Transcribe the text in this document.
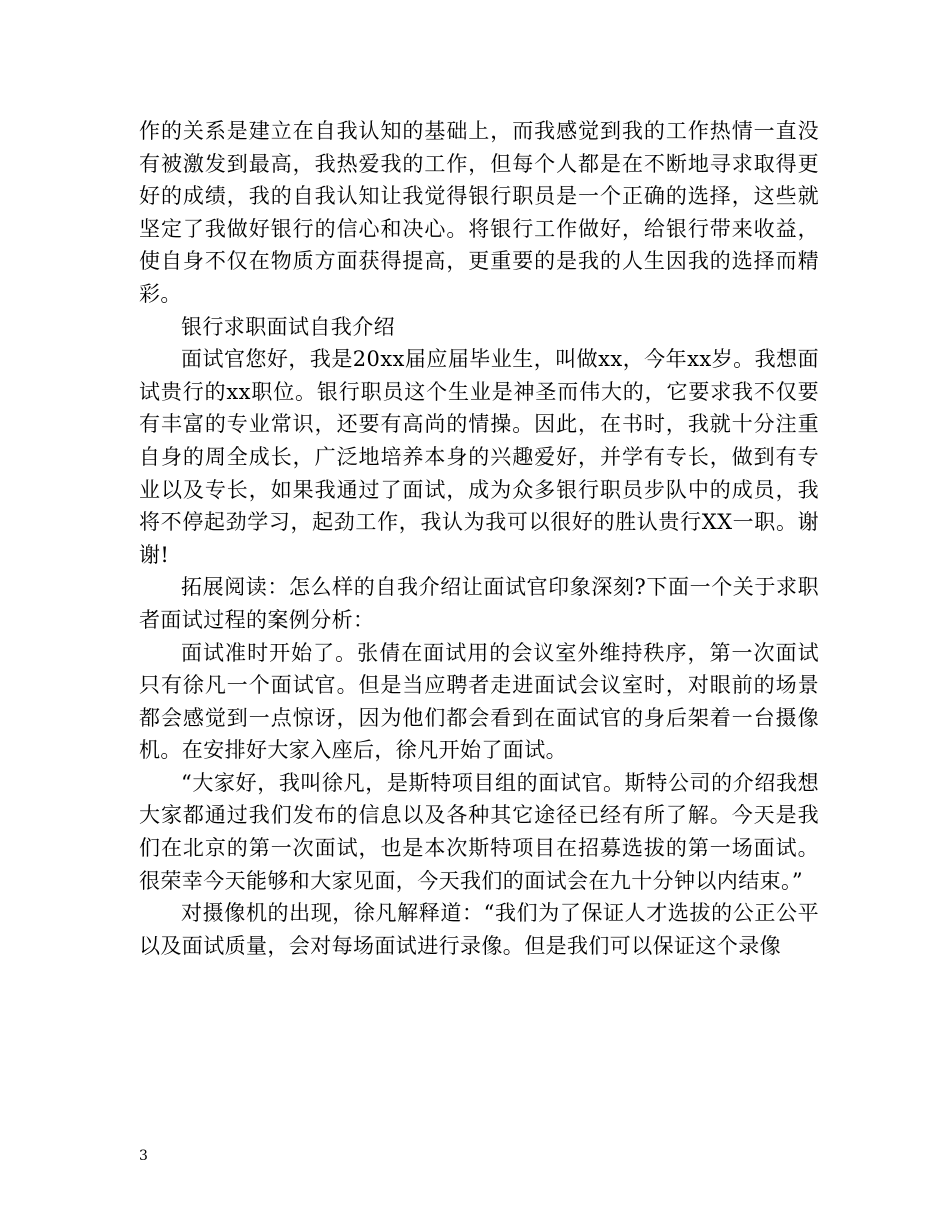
作的关系是建立在自我认知的基础上，而我感觉到我的工作热情一直没有被激发到最高，我热爱我的工作，但每个人都是在不断地寻求取得更好的成绩，我的自我认知让我觉得银行职员是一个正确的选择，这些就坚定了我做好银行的信心和决心。将银行工作做好，给银行带来收益，使自身不仅在物质方面获得提高，更重要的是我的人生因我的选择而精彩。

银行求职面试自我介绍

面试官您好，我是20xx届应届毕业生，叫做xx，今年xx岁。我想面试贵行的xx职位。银行职员这个生业是神圣而伟大的，它要求我不仅要有丰富的专业常识，还要有高尚的情操。因此，在书时，我就十分注重自身的周全成长，广泛地培养本身的兴趣爱好，并学有专长，做到有专业以及专长，如果我通过了面试，成为众多银行职员步队中的成员，我将不停起劲学习，起劲工作，我认为我可以很好的胜认贵行XX一职。谢谢!

拓展阅读：怎么样的自我介绍让面试官印象深刻?下面一个关于求职者面试过程的案例分析：

面试准时开始了。张倩在面试用的会议室外维持秩序，第一次面试只有徐凡一个面试官。但是当应聘者走进面试会议室时，对眼前的场景都会感觉到一点惊讶，因为他们都会看到在面试官的身后架着一台摄像机。在安排好大家入座后，徐凡开始了面试。

“大家好，我叫徐凡，是斯特项目组的面试官。斯特公司的介绍我想大家都通过我们发布的信息以及各种其它途径已经有所了解。今天是我们在北京的第一次面试，也是本次斯特项目在招募选拔的第一场面试。很荣幸今天能够和大家见面，今天我们的面试会在九十分钟以内结束。”

对摄像机的出现，徐凡解释道：“我们为了保证人才选拔的公正公平以及面试质量，会对每场面试进行录像。但是我们可以保证这个录像

3
